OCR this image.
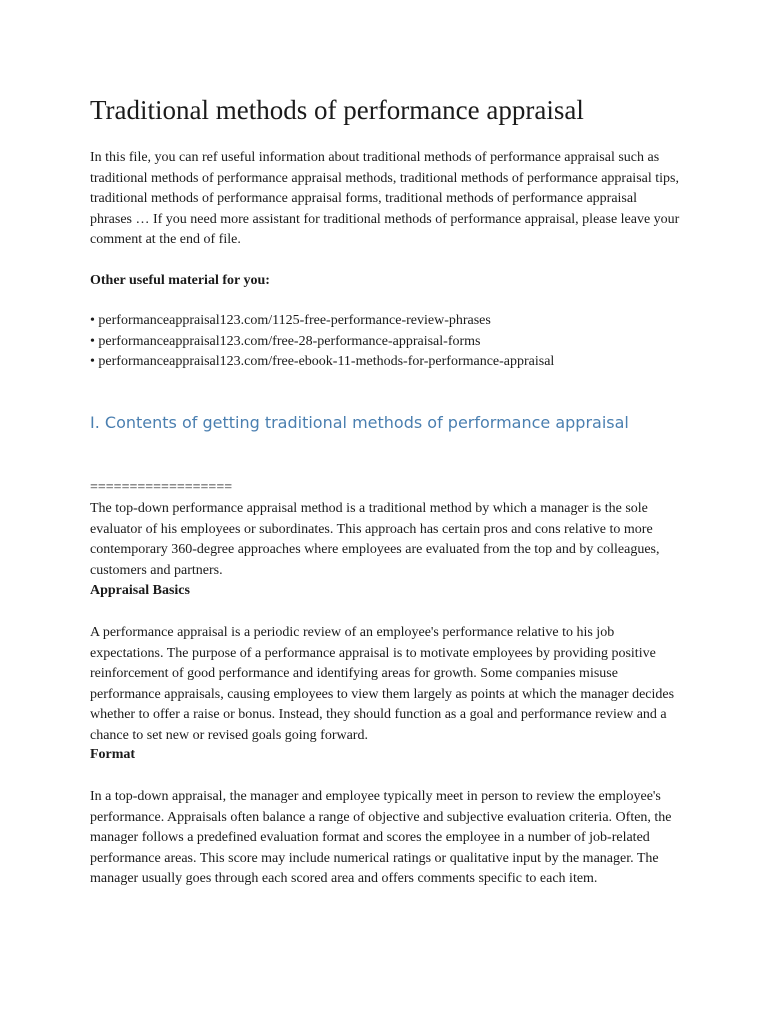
Traditional methods of performance appraisal

In this file, you can ref useful information about traditional methods of performance appraisal such as traditional methods of performance appraisal methods, traditional methods of performance appraisal tips, traditional methods of performance appraisal forms, traditional methods of performance appraisal phrases … If you need more assistant for traditional methods of performance appraisal, please leave your comment at the end of file.

Other useful material for you:

• performanceappraisal123.com/1125-free-performance-review-phrases
• performanceappraisal123.com/free-28-performance-appraisal-forms
• performanceappraisal123.com/free-ebook-11-methods-for-performance-appraisal
I. Contents of getting traditional methods of performance appraisal

==================

The top-down performance appraisal method is a traditional method by which a manager is the sole evaluator of his employees or subordinates. This approach has certain pros and cons relative to more contemporary 360-degree approaches where employees are evaluated from the top and by colleagues, customers and partners.

Appraisal Basics

A performance appraisal is a periodic review of an employee's performance relative to his job expectations. The purpose of a performance appraisal is to motivate employees by providing positive reinforcement of good performance and identifying areas for growth. Some companies misuse performance appraisals, causing employees to view them largely as points at which the manager decides whether to offer a raise or bonus. Instead, they should function as a goal and performance review and a chance to set new or revised goals going forward.

Format

In a top-down appraisal, the manager and employee typically meet in person to review the employee's performance. Appraisals often balance a range of objective and subjective evaluation criteria. Often, the manager follows a predefined evaluation format and scores the employee in a number of job-related performance areas. This score may include numerical ratings or qualitative input by the manager. The manager usually goes through each scored area and offers comments specific to each item.
